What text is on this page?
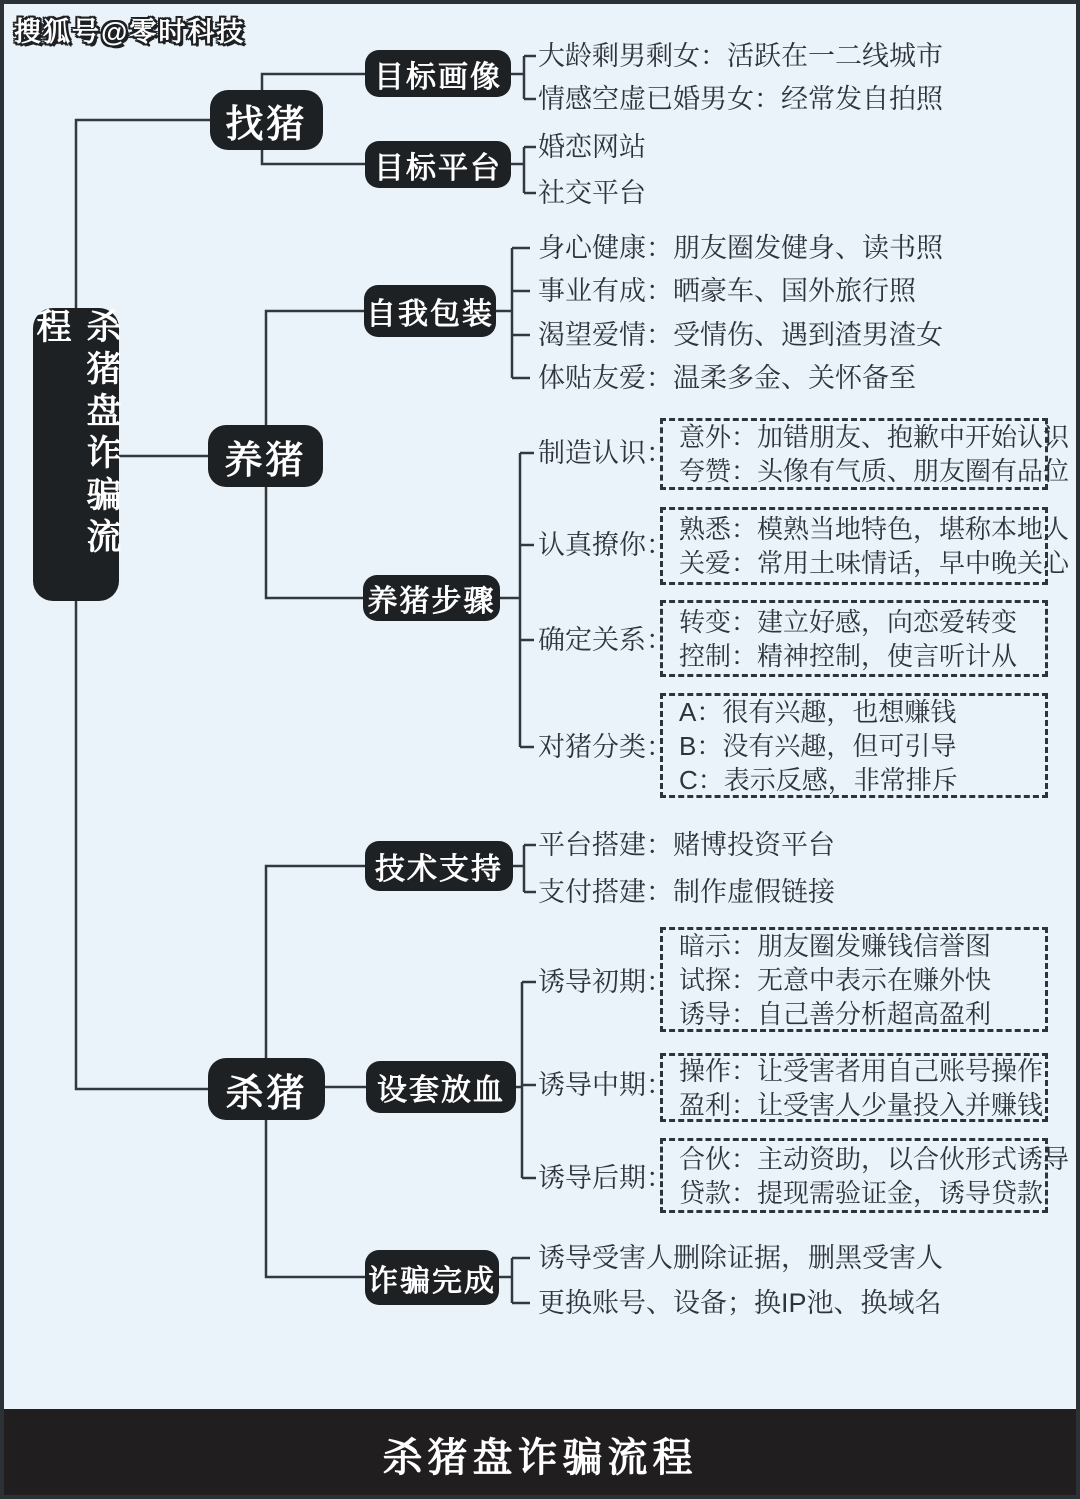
搜狐号@零时科技
杀猪盘诈骗流程
找猪
养猪
杀猪
目标画像
目标平台
自我包装
养猪步骤
技术支持
设套放血
诈骗完成
大龄剩男剩女：活跃在一二线城市
情感空虚已婚男女：经常发自拍照
婚恋网站
社交平台
身心健康：朋友圈发健身、读书照
事业有成：晒豪车、国外旅行照
渴望爱情：受情伤、遇到渣男渣女
体贴友爱：温柔多金、关怀备至
制造认识：
意外：加错朋友、抱歉中开始认识
夸赞：头像有气质、朋友圈有品位
认真撩你：
熟悉：模熟当地特色，堪称本地人
关爱：常用土味情话，早中晚关心
确定关系：
转变：建立好感，向恋爱转变
控制：精神控制，使言听计从
对猪分类：
A：很有兴趣，也想赚钱
B：没有兴趣，但可引导
C：表示反感，非常排斥
平台搭建：赌博投资平台
支付搭建：制作虚假链接
诱导初期：
暗示：朋友圈发赚钱信誉图
试探：无意中表示在赚外快
诱导：自己善分析超高盈利
诱导中期： 操作：让受害者用自己账号操作
盈利：让受害人少量投入并赚钱
诱导后期：
合伙：主动资助，以合伙形式诱导
贷款：提现需验证金，诱导贷款
诱导受害人删除证据，删黑受害人
更换账号、设备；换IP池、换域名
杀猪盘诈骗流程
